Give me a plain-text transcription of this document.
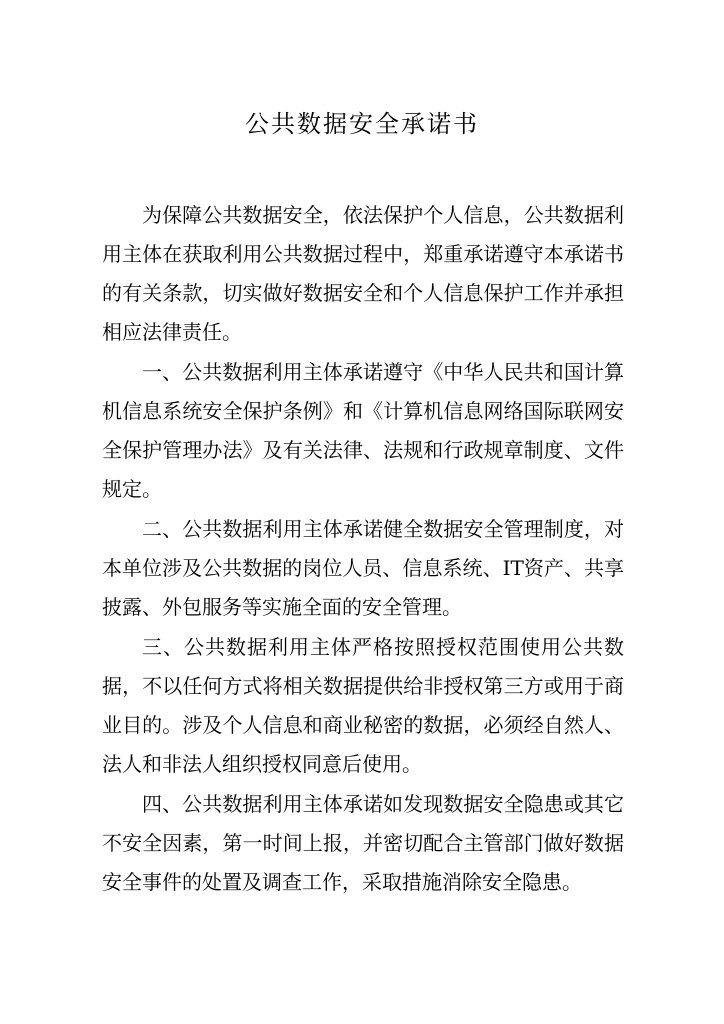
公共数据安全承诺书

为保障公共数据安全，依法保护个人信息，公共数据利用主体在获取利用公共数据过程中，郑重承诺遵守本承诺书的有关条款，切实做好数据安全和个人信息保护工作并承担相应法律责任。

一、公共数据利用主体承诺遵守《中华人民共和国计算机信息系统安全保护条例》和《计算机信息网络国际联网安全保护管理办法》及有关法律、法规和行政规章制度、文件规定。

二、公共数据利用主体承诺健全数据安全管理制度，对本单位涉及公共数据的岗位人员、信息系统、IT资产、共享披露、外包服务等实施全面的安全管理。

三、公共数据利用主体严格按照授权范围使用公共数据，不以任何方式将相关数据提供给非授权第三方或用于商业目的。涉及个人信息和商业秘密的数据，必须经自然人、法人和非法人组织授权同意后使用。

四、公共数据利用主体承诺如发现数据安全隐患或其它不安全因素，第一时间上报，并密切配合主管部门做好数据安全事件的处置及调查工作，采取措施消除安全隐患。
